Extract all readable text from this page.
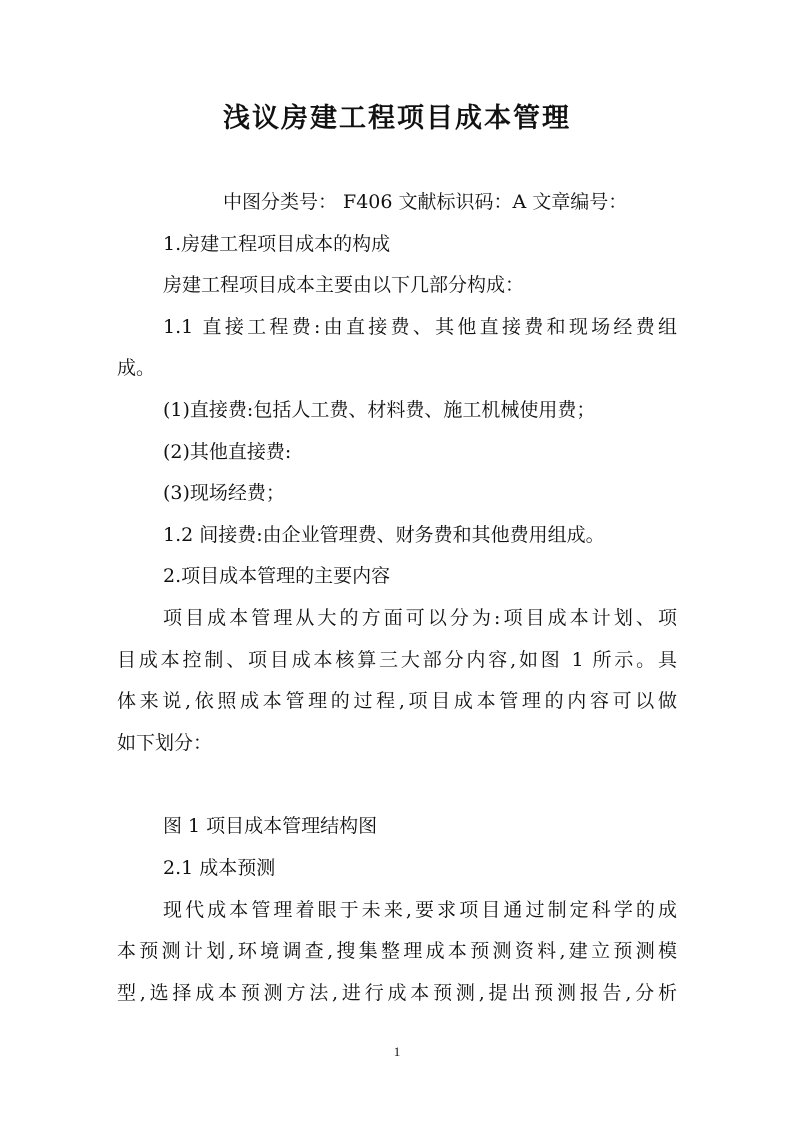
浅议房建工程项目成本管理

中图分类号： F406 文献标识码：A 文章编号：

1.房建工程项目成本的构成

房建工程项目成本主要由以下几部分构成：

1.1 直接工程费:由直接费、其他直接费和现场经费组

成。

(1)直接费:包括人工费、材料费、施工机械使用费；

(2)其他直接费:

(3)现场经费；

1.2 间接费:由企业管理费、财务费和其他费用组成。

2.项目成本管理的主要内容

项目成本管理从大的方面可以分为:项目成本计划、项

目成本控制、项目成本核算三大部分内容,如图 1 所示。具

体来说,依照成本管理的过程,项目成本管理的内容可以做

如下划分：

图 1 项目成本管理结构图

2.1 成本预测

现代成本管理着眼于未来,要求项目通过制定科学的成

本预测计划,环境调查,搜集整理成本预测资料,建立预测模

型,选择成本预测方法,进行成本预测,提出预测报告,分析

1
